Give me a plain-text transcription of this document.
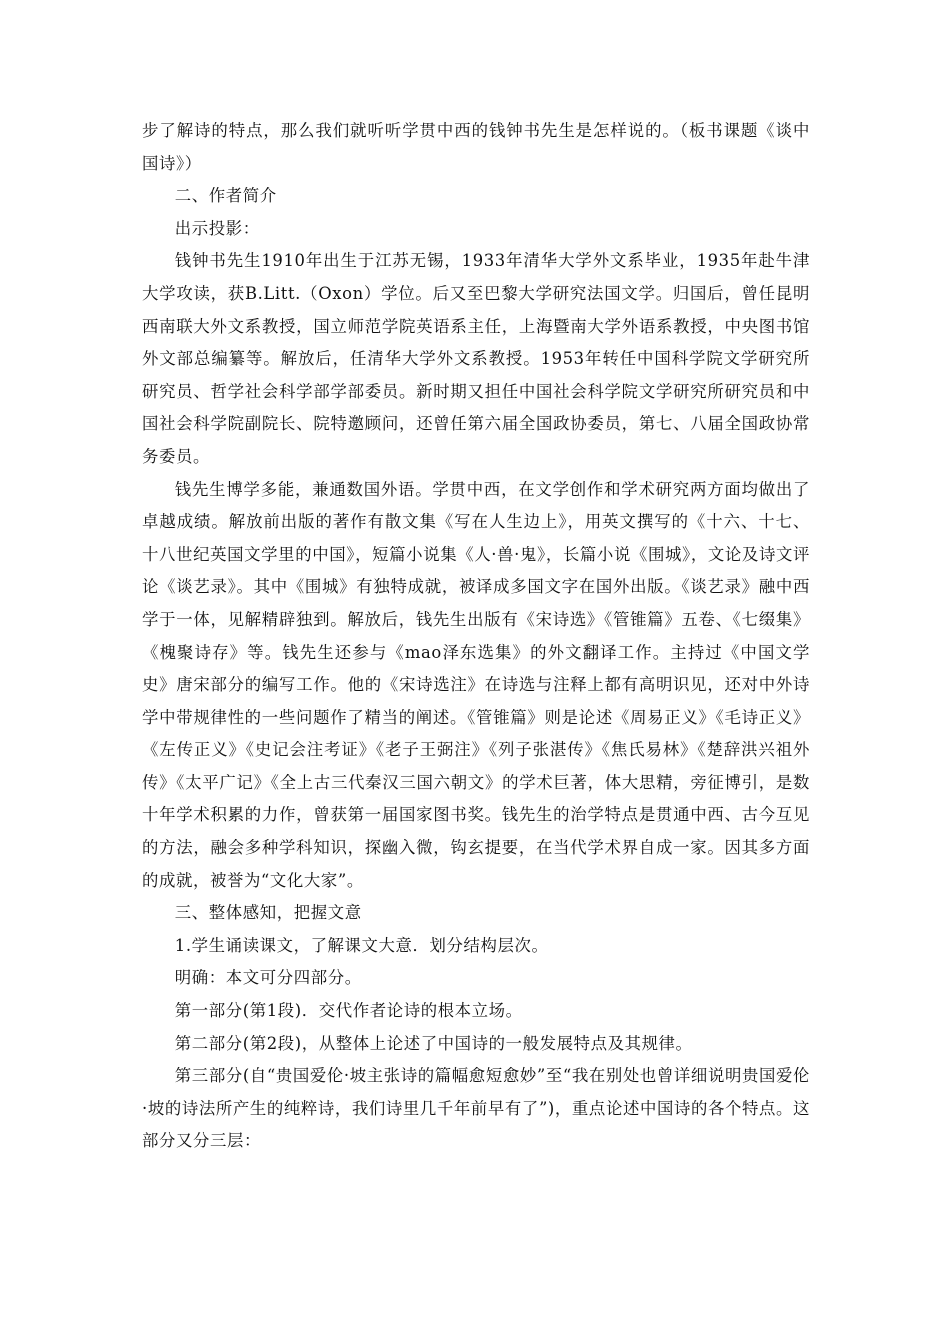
步了解诗的特点，那么我们就听听学贯中西的钱钟书先生是怎样说的。（板书课题《谈中国诗》）

二、作者简介

出示投影：

钱钟书先生1910年出生于江苏无锡，1933年清华大学外文系毕业，1935年赴牛津大学攻读，获B.Litt.（Oxon）学位。后又至巴黎大学研究法国文学。归国后，曾任昆明西南联大外文系教授，国立师范学院英语系主任，上海暨南大学外语系教授，中央图书馆外文部总编纂等。解放后，任清华大学外文系教授。1953年转任中国科学院文学研究所研究员、哲学社会科学部学部委员。新时期又担任中国社会科学院文学研究所研究员和中国社会科学院副院长、院特邀顾问，还曾任第六届全国政协委员，第七、八届全国政协常务委员。

钱先生博学多能，兼通数国外语。学贯中西，在文学创作和学术研究两方面均做出了卓越成绩。解放前出版的著作有散文集《写在人生边上》，用英文撰写的《十六、十七、十八世纪英国文学里的中国》，短篇小说集《人·兽·鬼》，长篇小说《围城》，文论及诗文评论《谈艺录》。其中《围城》有独特成就，被译成多国文字在国外出版。《谈艺录》融中西学于一体，见解精辟独到。解放后，钱先生出版有《宋诗选》《管锥篇》五卷、《七缀集》《槐聚诗存》等。钱先生还参与《mao泽东选集》的外文翻译工作。主持过《中国文学史》唐宋部分的编写工作。他的《宋诗选注》在诗选与注释上都有高明识见，还对中外诗学中带规律性的一些问题作了精当的阐述。《管锥篇》则是论述《周易正义》《毛诗正义》《左传正义》《史记会注考证》《老子王弼注》《列子张湛传》《焦氏易林》《楚辞洪兴祖外传》《太平广记》《全上古三代秦汉三国六朝文》的学术巨著，体大思精，旁征博引，是数十年学术积累的力作，曾获第一届国家图书奖。钱先生的治学特点是贯通中西、古今互见的方法，融会多种学科知识，探幽入微，钩玄提要，在当代学术界自成一家。因其多方面的成就，被誉为“文化大家”。

三、整体感知，把握文意

1.学生诵读课文，了解课文大意．划分结构层次。

明确：本文可分四部分。

第一部分(第1段)．交代作者论诗的根本立场。

第二部分(第2段)，从整体上论述了中国诗的一般发展特点及其规律。

第三部分(自“贵国爱伦·坡主张诗的篇幅愈短愈妙”至“我在别处也曾详细说明贵国爱伦·坡的诗法所产生的纯粹诗，我们诗里几千年前早有了”)，重点论述中国诗的各个特点。这部分又分三层：
